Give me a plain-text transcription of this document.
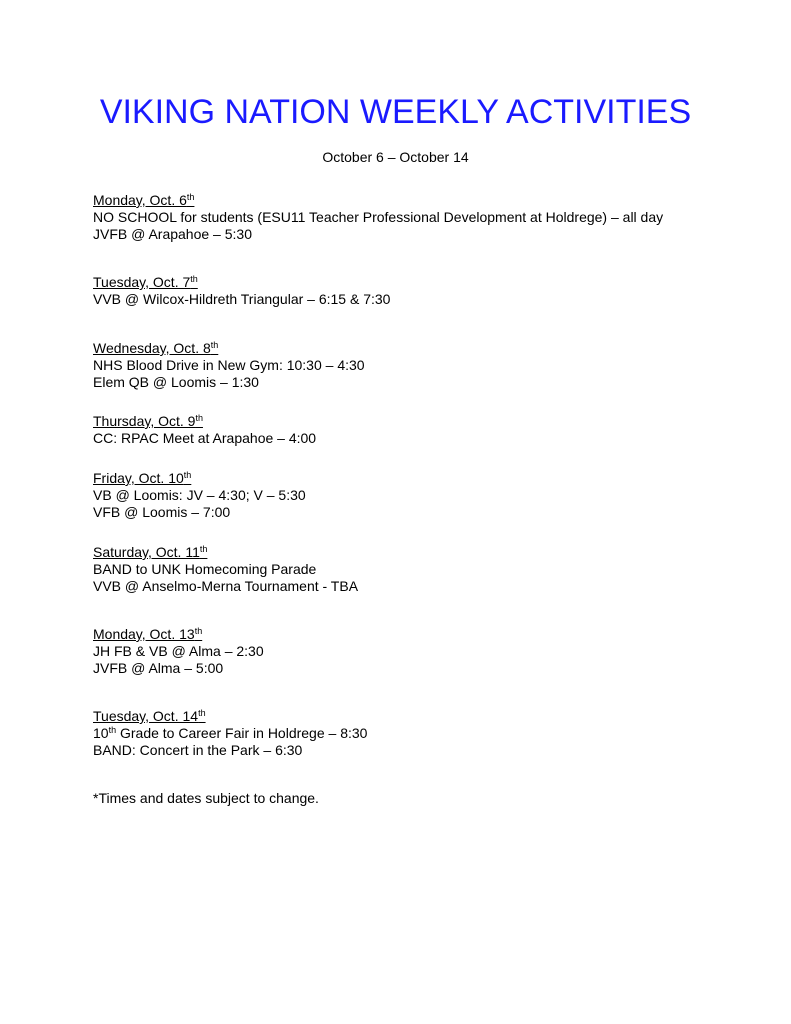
VIKING NATION WEEKLY ACTIVITIES

October 6 – October 14

Monday, Oct. 6th
NO SCHOOL for students (ESU11 Teacher Professional Development at Holdrege) – all day
JVFB @ Arapahoe – 5:30
Tuesday, Oct. 7th
VVB @ Wilcox-Hildreth Triangular – 6:15 & 7:30
Wednesday, Oct. 8th
NHS Blood Drive in New Gym: 10:30 – 4:30
Elem QB @ Loomis – 1:30
Thursday, Oct. 9th
CC: RPAC Meet at Arapahoe – 4:00
Friday, Oct. 10th
VB @ Loomis: JV – 4:30; V – 5:30
VFB @ Loomis – 7:00
Saturday, Oct. 11th
BAND to UNK Homecoming Parade
VVB @ Anselmo-Merna Tournament - TBA
Monday, Oct. 13th
JH FB & VB @ Alma – 2:30
JVFB @ Alma – 5:00
Tuesday, Oct. 14th
10th Grade to Career Fair in Holdrege – 8:30
BAND: Concert in the Park – 6:30
*Times and dates subject to change.
